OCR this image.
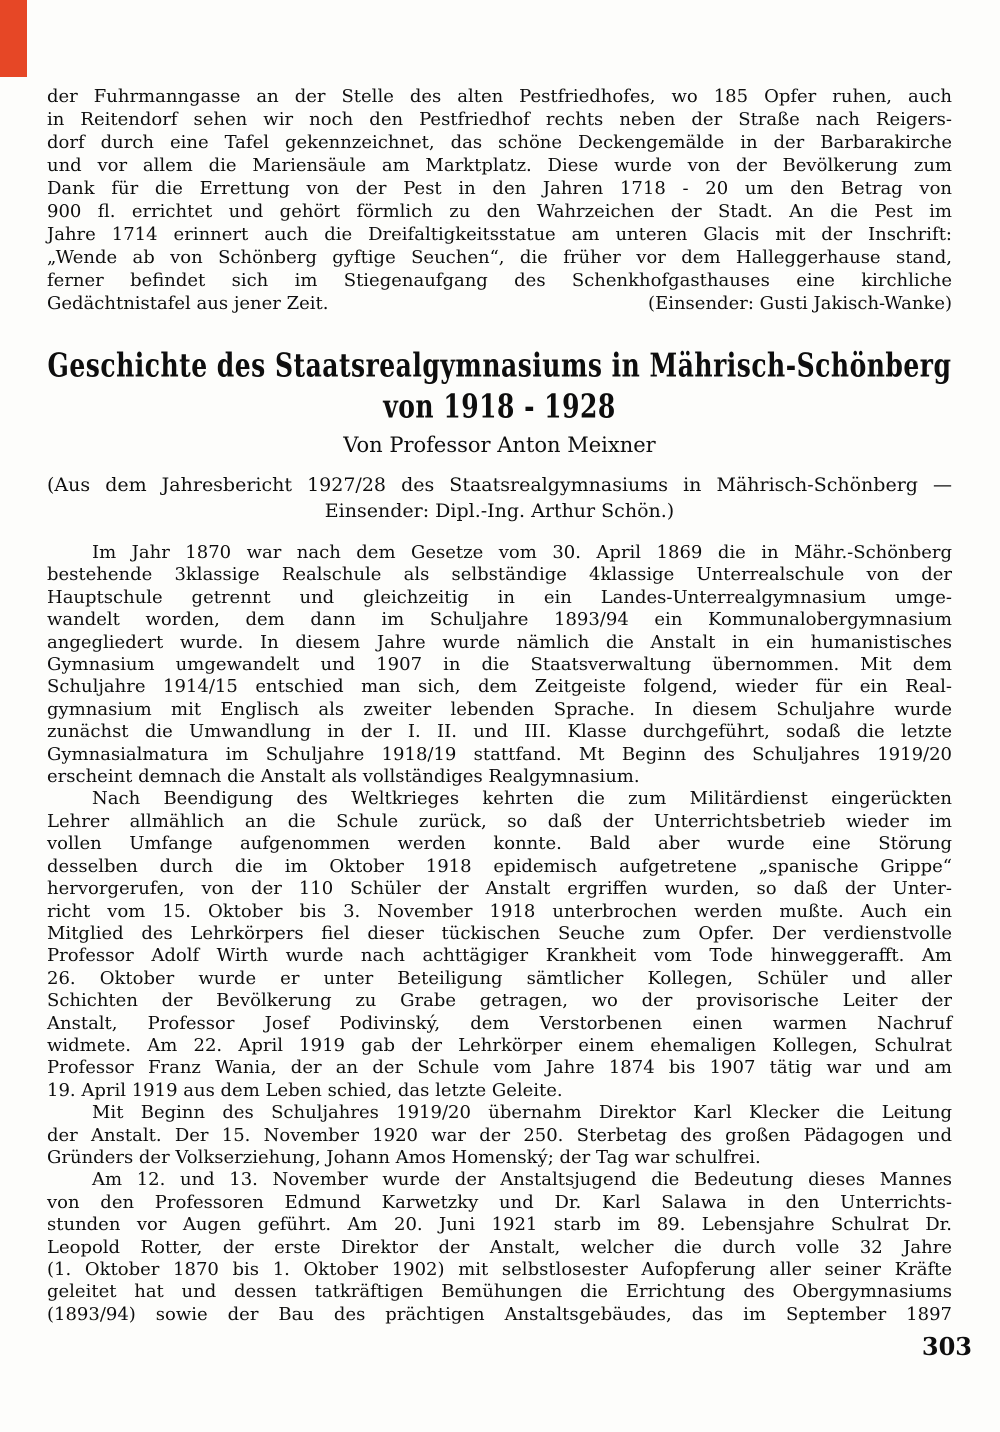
der Fuhrmanngasse an der Stelle des alten Pestfriedhofes, wo 185 Opfer ruhen, auch
in Reitendorf sehen wir noch den Pestfriedhof rechts neben der Straße nach Reigers-
dorf durch eine Tafel gekennzeichnet, das schöne Deckengemälde in der Barbarakirche
und vor allem die Mariensäule am Marktplatz. Diese wurde von der Bevölkerung zum
Dank für die Errettung von der Pest in den Jahren 1718 - 20 um den Betrag von
900 fl. errichtet und gehört förmlich zu den Wahrzeichen der Stadt. An die Pest im
Jahre 1714 erinnert auch die Dreifaltigkeitsstatue am unteren Glacis mit der Inschrift:
„Wende ab von Schönberg gyftige Seuchen“, die früher vor dem Halleggerhause stand,
ferner befindet sich im Stiegenaufgang des Schenkhofgasthauses eine kirchliche
Gedächtnistafel aus jener Zeit.	(Einsender: Gusti Jakisch-Wanke)
Geschichte des Staatsrealgymnasiums in Mährisch-Schönberg
von 1918 - 1928
Von Professor Anton Meixner
(Aus dem Jahresbericht 1927/28 des Staatsrealgymnasiums in Mährisch-Schönberg —
Einsender: Dipl.-Ing. Arthur Schön.)
Im Jahr 1870 war nach dem Gesetze vom 30. April 1869 die in Mähr.-Schönberg
bestehende 3klassige Realschule als selbständige 4klassige Unterrealschule von der
Hauptschule getrennt und gleichzeitig in ein Landes-Unterrealgymnasium umge-
wandelt worden, dem dann im Schuljahre 1893/94 ein Kommunalobergymnasium
angegliedert wurde. In diesem Jahre wurde nämlich die Anstalt in ein humanistisches
Gymnasium umgewandelt und 1907 in die Staatsverwaltung übernommen. Mit dem
Schuljahre 1914/15 entschied man sich, dem Zeitgeiste folgend, wieder für ein Real-
gymnasium mit Englisch als zweiter lebenden Sprache. In diesem Schuljahre wurde
zunächst die Umwandlung in der I. II. und III. Klasse durchgeführt, sodaß die letzte
Gymnasialmatura im Schuljahre 1918/19 stattfand. Mt Beginn des Schuljahres 1919/20
erscheint demnach die Anstalt als vollständiges Realgymnasium.
Nach Beendigung des Weltkrieges kehrten die zum Militärdienst eingerückten
Lehrer allmählich an die Schule zurück, so daß der Unterrichtsbetrieb wieder im
vollen Umfange aufgenommen werden konnte. Bald aber wurde eine Störung
desselben durch die im Oktober 1918 epidemisch aufgetretene „spanische Grippe“
hervorgerufen, von der 110 Schüler der Anstalt ergriffen wurden, so daß der Unter-
richt vom 15. Oktober bis 3. November 1918 unterbrochen werden mußte. Auch ein
Mitglied des Lehrkörpers fiel dieser tückischen Seuche zum Opfer. Der verdienstvolle
Professor Adolf Wirth wurde nach achttägiger Krankheit vom Tode hinweggerafft. Am
26. Oktober wurde er unter Beteiligung sämtlicher Kollegen, Schüler und aller
Schichten der Bevölkerung zu Grabe getragen, wo der provisorische Leiter der
Anstalt, Professor Josef Podivinský, dem Verstorbenen einen warmen Nachruf
widmete. Am 22. April 1919 gab der Lehrkörper einem ehemaligen Kollegen, Schulrat
Professor Franz Wania, der an der Schule vom Jahre 1874 bis 1907 tätig war und am
19. April 1919 aus dem Leben schied, das letzte Geleite.
Mit Beginn des Schuljahres 1919/20 übernahm Direktor Karl Klecker die Leitung
der Anstalt. Der 15. November 1920 war der 250. Sterbetag des großen Pädagogen und
Gründers der Volkserziehung, Johann Amos Homenský; der Tag war schulfrei.
Am 12. und 13. November wurde der Anstaltsjugend die Bedeutung dieses Mannes
von den Professoren Edmund Karwetzky und Dr. Karl Salawa in den Unterrichts-
stunden vor Augen geführt. Am 20. Juni 1921 starb im 89. Lebensjahre Schulrat Dr.
Leopold Rotter, der erste Direktor der Anstalt, welcher die durch volle 32 Jahre
(1. Oktober 1870 bis 1. Oktober 1902) mit selbstlosester Aufopferung aller seiner Kräfte
geleitet hat und dessen tatkräftigen Bemühungen die Errichtung des Obergymnasiums
(1893/94) sowie der Bau des prächtigen Anstaltsgebäudes, das im September 1897
303
